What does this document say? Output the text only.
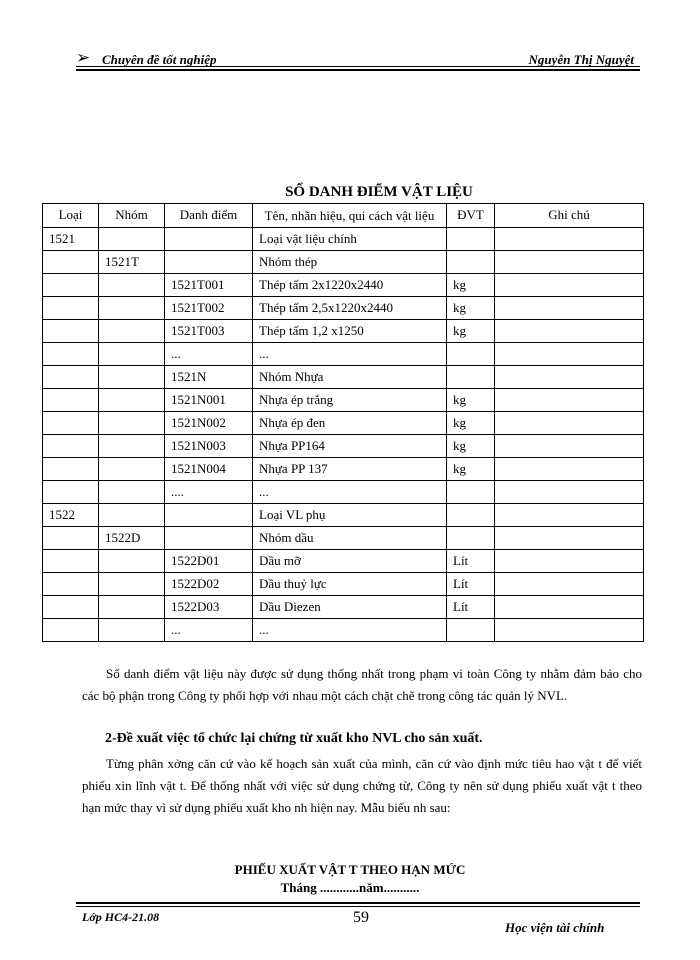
➢ Chuyên đề tốt nghiệp	Nguyễn Thị Nguyệt
SỔ DANH ĐIỂM VẬT LIỆU
Loại	Nhóm	Danh điểm	Tên, nhãn hiệu, qui cách vật liệu	ĐVT	Ghi chú
1521			Loại vật liệu chính		
	1521T		Nhóm thép		
		1521T001	Thép tấm 2x1220x2440	kg	
		1521T002	Thép tấm 2,5x1220x2440	kg	
		1521T003	Thép tấm 1,2 x1250	kg	
		...	...		
		1521N	Nhóm Nhựa		
		1521N001	Nhựa ép trắng	kg	
		1521N002	Nhựa ép đen	kg	
		1521N003	Nhựa PP164	kg	
		1521N004	Nhựa PP 137	kg	
		....	...		
1522			Loại VL phụ		
	1522D		Nhóm dầu		
		1522D01	Dầu mỡ	Lít	
		1522D02	Dầu thuỷ lực	Lít	
		1522D03	Dầu Diezen	Lít	
		...	...		
Sổ danh điểm vật liệu này được sử dụng thống nhất trong phạm vi toàn Công ty nhằm đảm bảo cho các bộ phận trong Công ty phối hợp với nhau một cách chặt chẽ trong công tác quản lý NVL.
2-Đề xuất việc tổ chức lại chứng từ xuất kho NVL cho sản xuất.
Từng phân xởng căn cứ vào kế hoạch sản xuất của mình, căn cứ vào định mức tiêu hao vật t để viết phiếu xin lĩnh vật t. Để thống nhất với việc sử dụng chứng từ, Công ty nên sử dụng phiếu xuất vật t theo hạn mức thay vì sử dụng phiếu xuất kho nh hiện nay. Mẫu biểu nh sau:
PHIẾU XUẤT VẬT T THEO HẠN MỨC
Tháng ............năm...........
Lớp HC4-21.08	59
Học viện tài chính
